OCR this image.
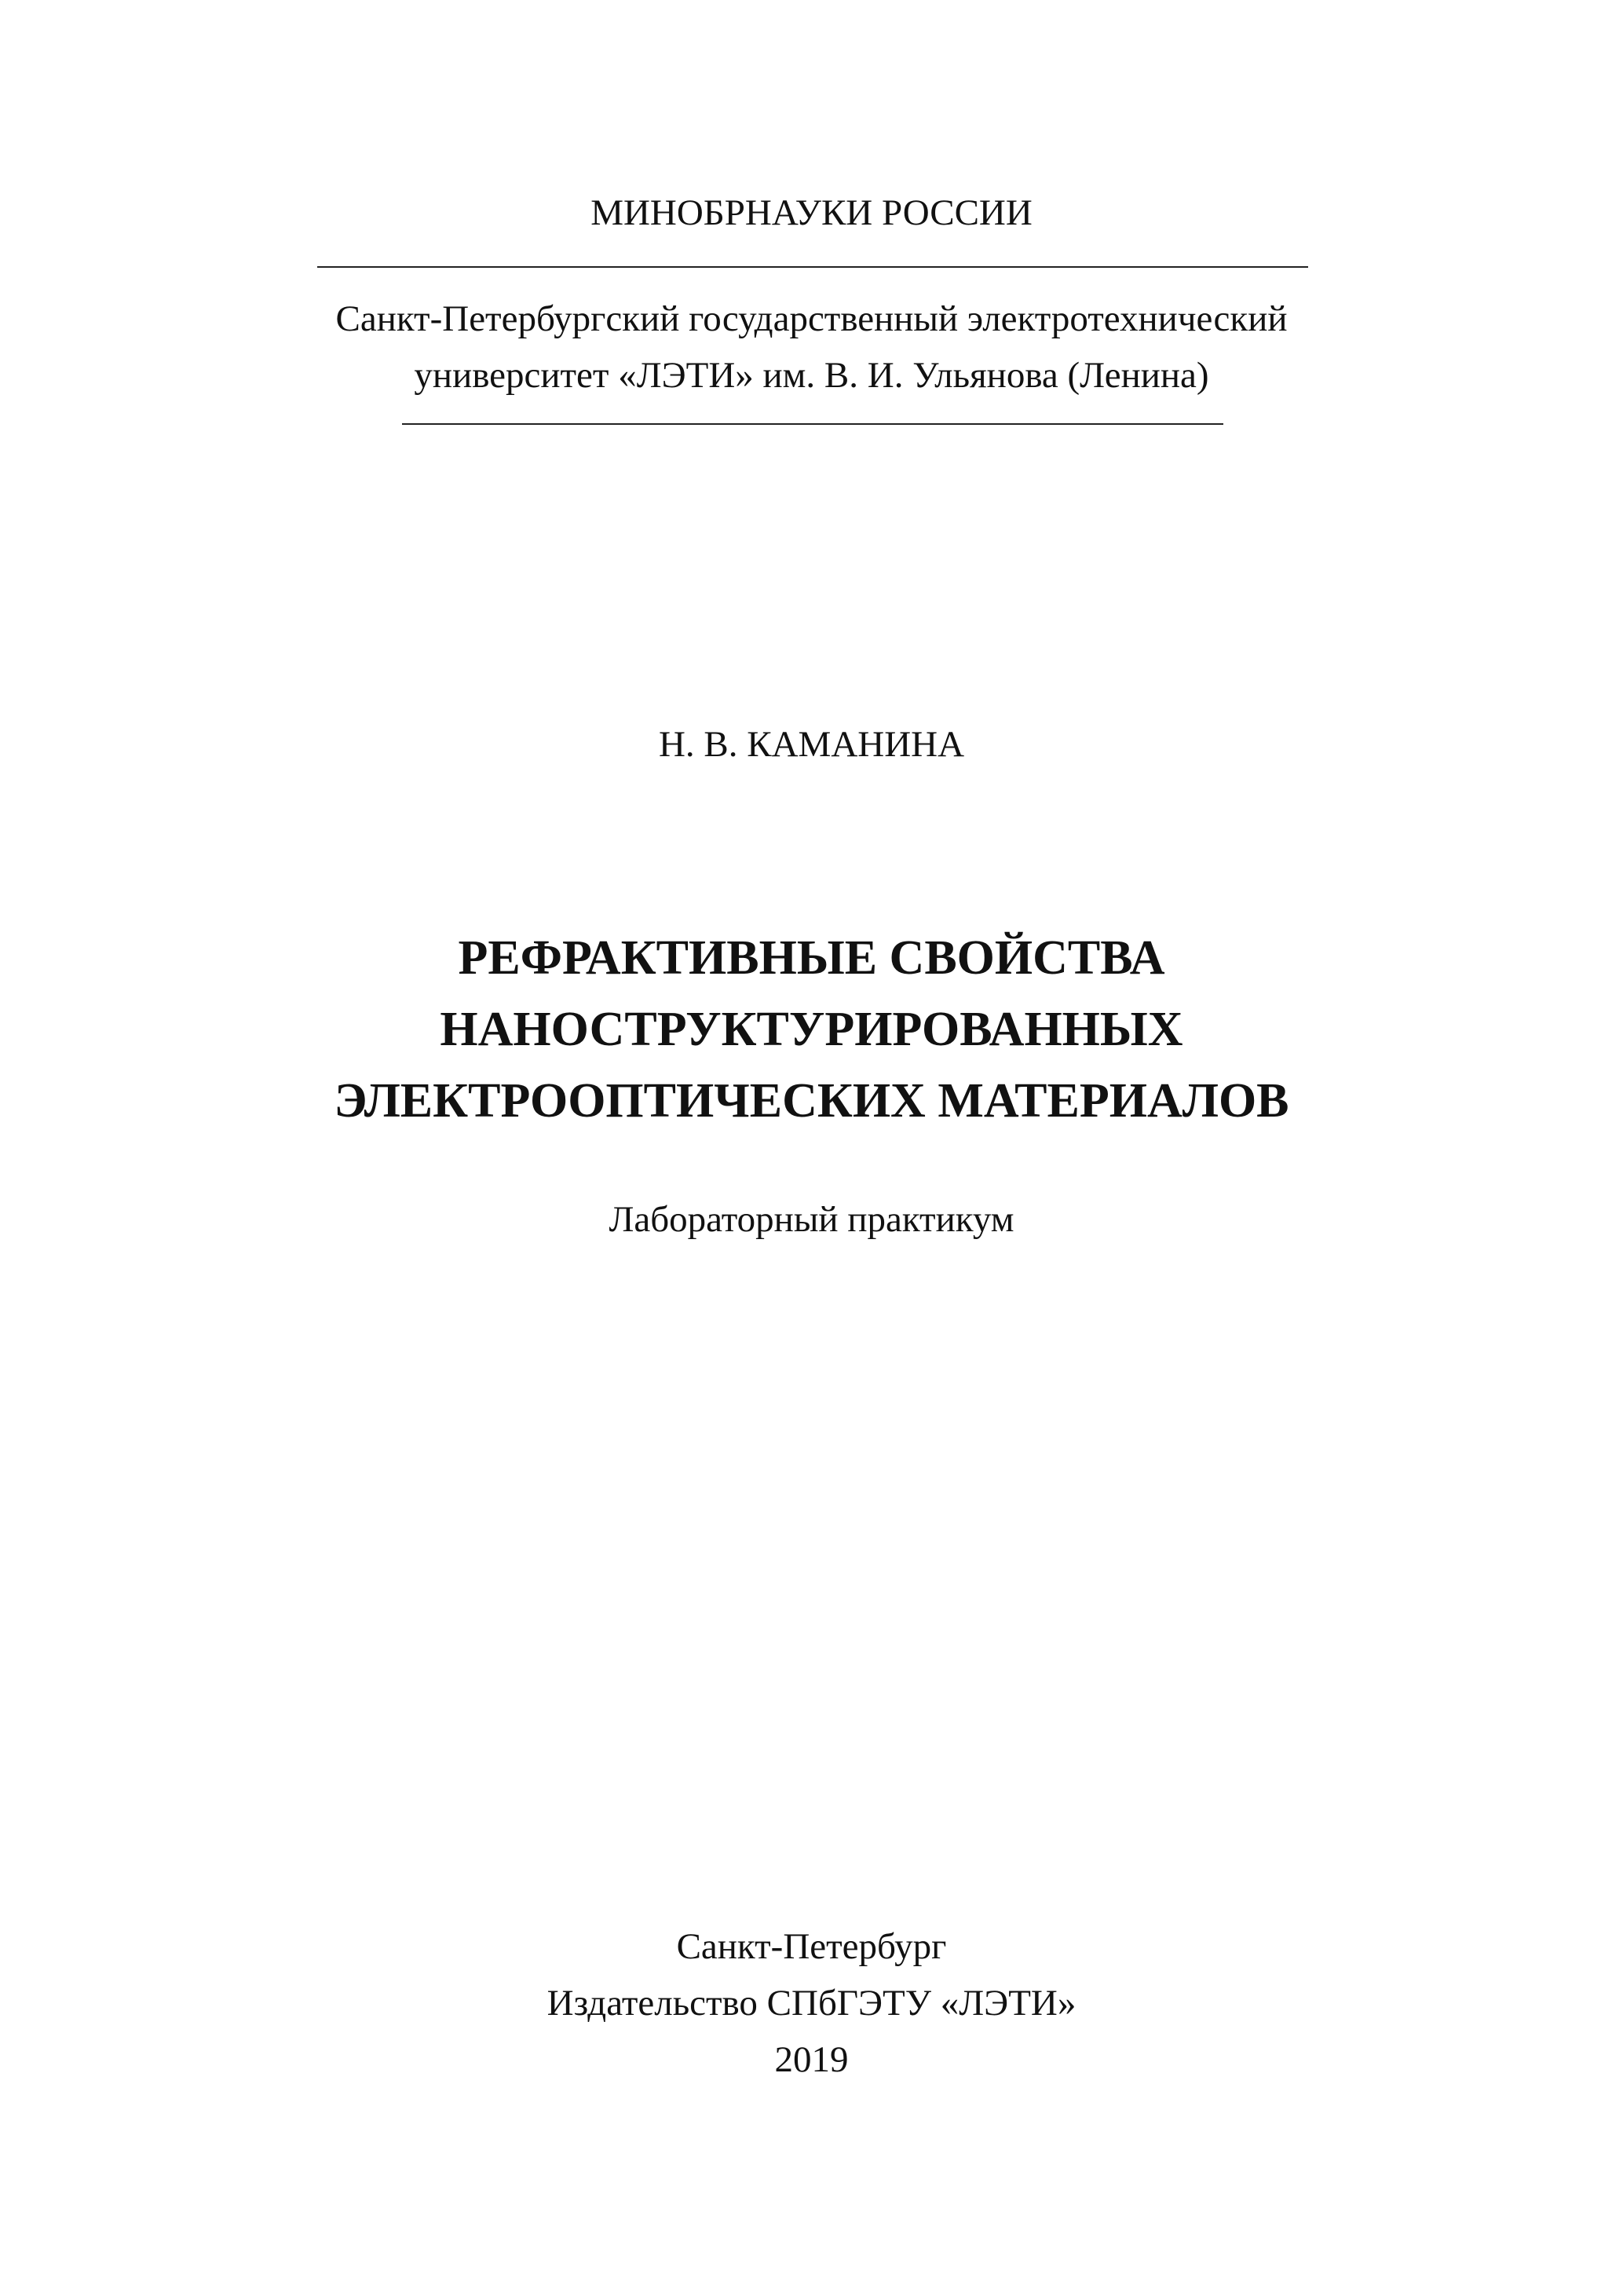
МИНОБРНАУКИ РОССИИ
Санкт-Петербургский государственный электротехнический
университет «ЛЭТИ» им. В. И. Ульянова (Ленина)
Н. В. КАМАНИНА
РЕФРАКТИВНЫЕ СВОЙСТВА
НАНОСТРУКТУРИРОВАННЫХ
ЭЛЕКТРООПТИЧЕСКИХ МАТЕРИАЛОВ
Лабораторный практикум
Санкт-Петербург
Издательство СПбГЭТУ «ЛЭТИ»
2019
